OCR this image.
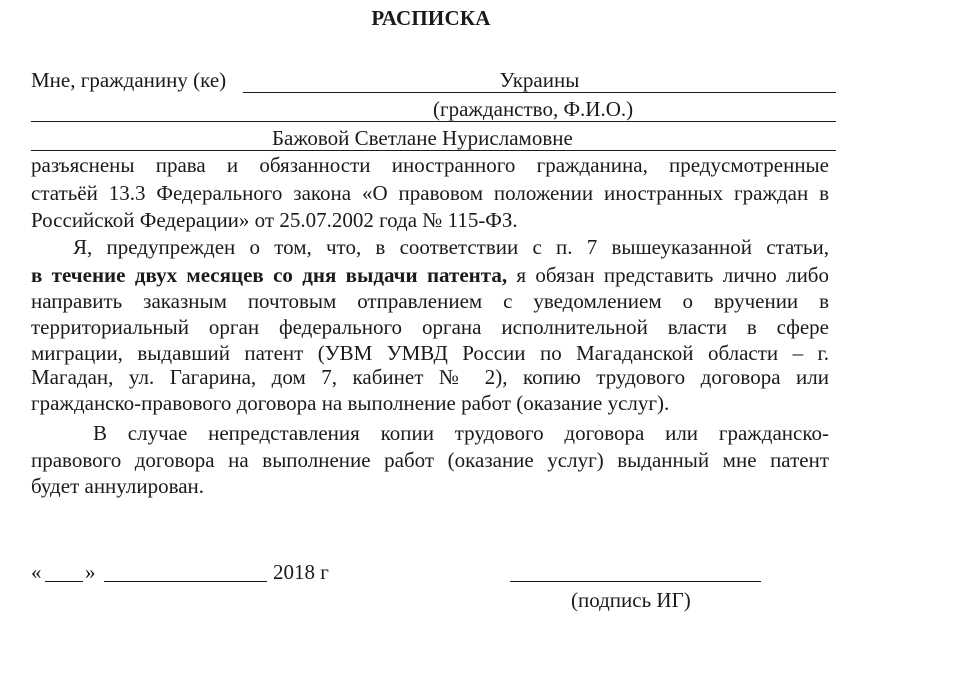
РАСПИСКА
Мне, гражданину (ке)	Украины
(гражданство, Ф.И.О.)
Бажовой Светлане Нурисламовне
разъяснены права и обязанности иностранного гражданина, предусмотренные
статьёй 13.3 Федерального закона «О правовом положении иностранных граждан в
Российской Федерации» от 25.07.2002 года № 115-ФЗ.
Я, предупрежден о том, что, в соответствии с п. 7 вышеуказанной статьи,
в течение двух месяцев со дня выдачи патента, я обязан представить лично либо
направить заказным почтовым отправлением с уведомлением о вручении в
территориальный орган федерального органа исполнительной власти в сфере
миграции, выдавший патент (УВМ УМВД России по Магаданской области – г.
Магадан, ул. Гагарина, дом 7, кабинет № 2), копию трудового договора или
гражданско-правового договора на выполнение работ (оказание услуг).
В случае непредставления копии трудового договора или гражданско-
правового договора на выполнение работ (оказание услуг) выданный мне патент
будет аннулирован.
« »	2018 г
(подпись ИГ)
